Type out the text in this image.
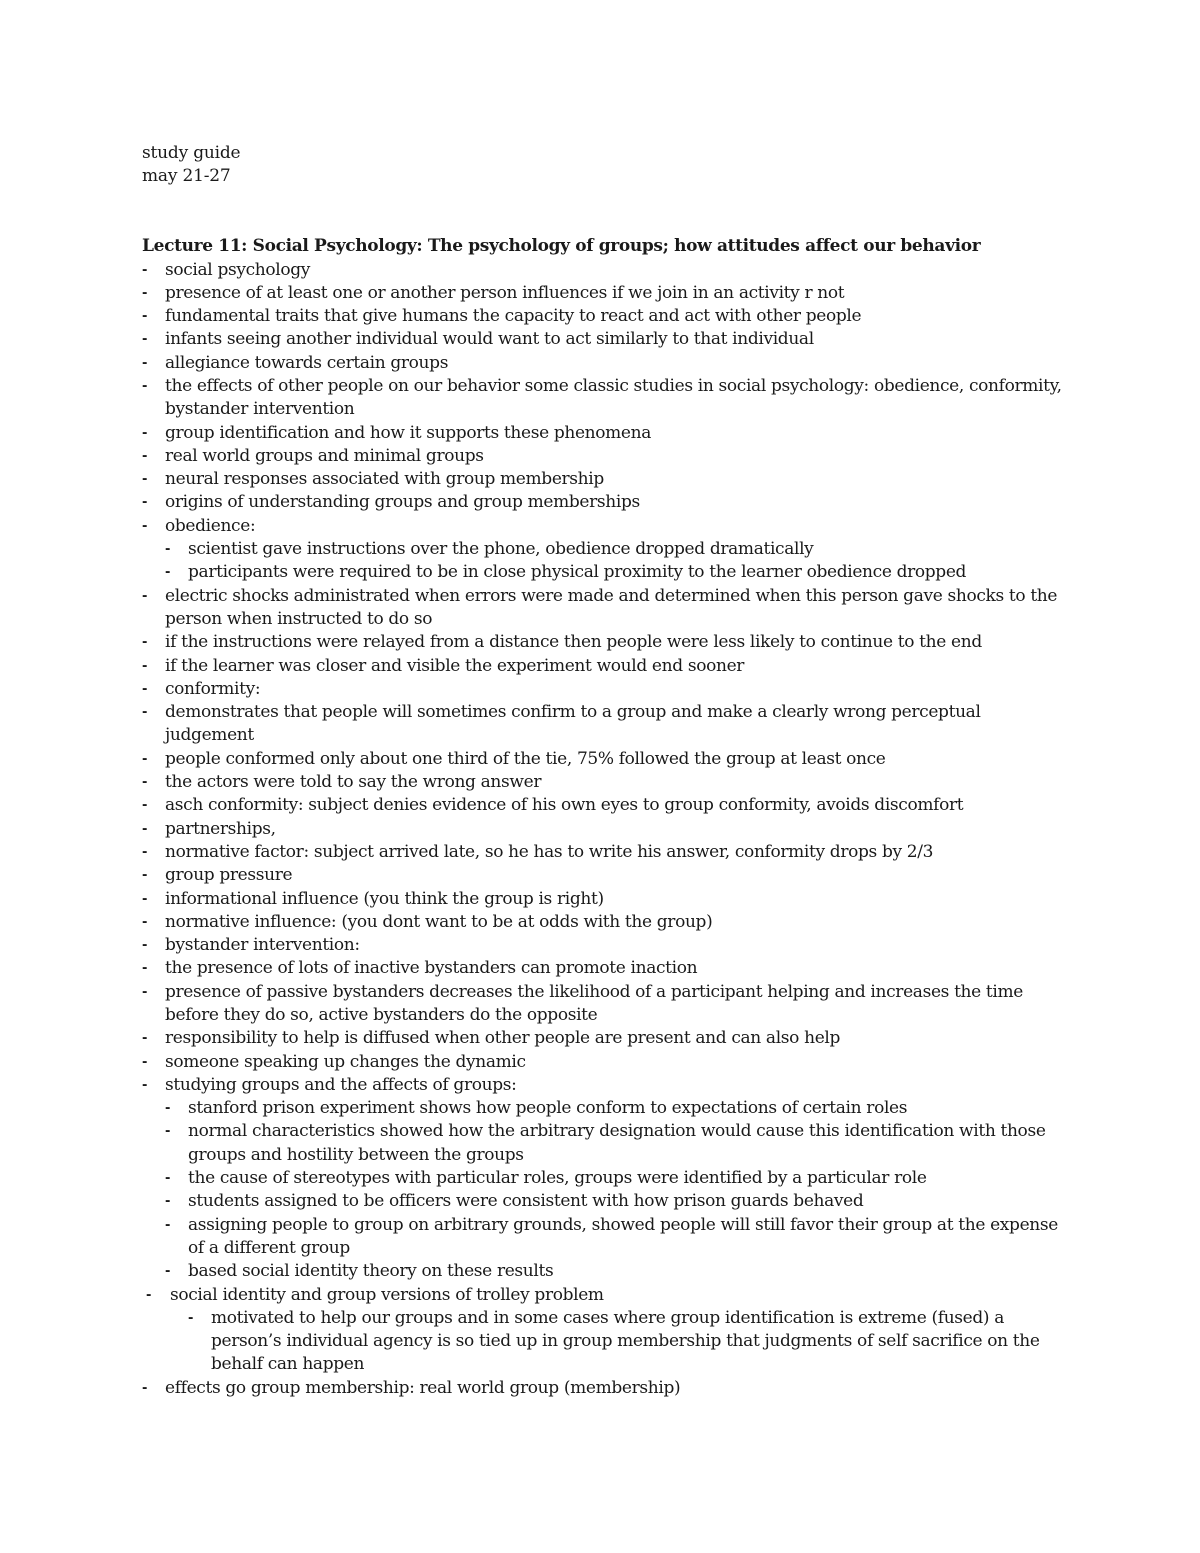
study guide
may 21-27
Lecture 11: Social Psychology: The psychology of groups; how attitudes affect our behavior
- social psychology
- presence of at least one or another person influences if we join in an activity r not
- fundamental traits that give humans the capacity to react and act with other people
- infants seeing another individual would want to act similarly to that individual
- allegiance towards certain groups
- the effects of other people on our behavior some classic studies in social psychology: obedience, conformity, bystander intervention
- group identification and how it supports these phenomena
- real world groups and minimal groups
- neural responses associated with group membership
- origins of understanding groups and group memberships
- obedience:
- scientist gave instructions over the phone, obedience dropped dramatically
- participants were required to be in close physical proximity to the learner obedience dropped
- electric shocks administrated when errors were made and determined when this person gave shocks to the person when instructed to do so
- if the instructions were relayed from a distance then people were less likely to continue to the end
- if the learner was closer and visible the experiment would end sooner
- conformity:
- demonstrates that people will sometimes confirm to a group and make a clearly wrong perceptual judgement
- people conformed only about one third of the tie, 75% followed the group at least once
- the actors were told to say the wrong answer
- asch conformity: subject denies evidence of his own eyes to group conformity, avoids discomfort
- partnerships,
- normative factor: subject arrived late, so he has to write his answer, conformity drops by 2/3
- group pressure
- informational influence (you think the group is right)
- normative influence: (you dont want to be at odds with the group)
- bystander intervention:
- the presence of lots of inactive bystanders can promote inaction
- presence of passive bystanders decreases the likelihood of a participant helping and increases the time before they do so, active bystanders do the opposite
- responsibility to help is diffused when other people are present and can also help
- someone speaking up changes the dynamic
- studying groups and the affects of groups:
- stanford prison experiment shows how people conform to expectations of certain roles
- normal characteristics showed how the arbitrary designation would cause this identification with those groups and hostility between the groups
- the cause of stereotypes with particular roles, groups were identified by a particular role
- students assigned to be officers were consistent with how prison guards behaved
- assigning people to group on arbitrary grounds, showed people will still favor their group at the expense of a different group
- based social identity theory on these results
- social identity and group versions of trolley problem
- motivated to help our groups and in some cases where group identification is extreme (fused) a person’s individual agency is so tied up in group membership that judgments of self sacrifice on the behalf can happen
- effects go group membership: real world group (membership)
